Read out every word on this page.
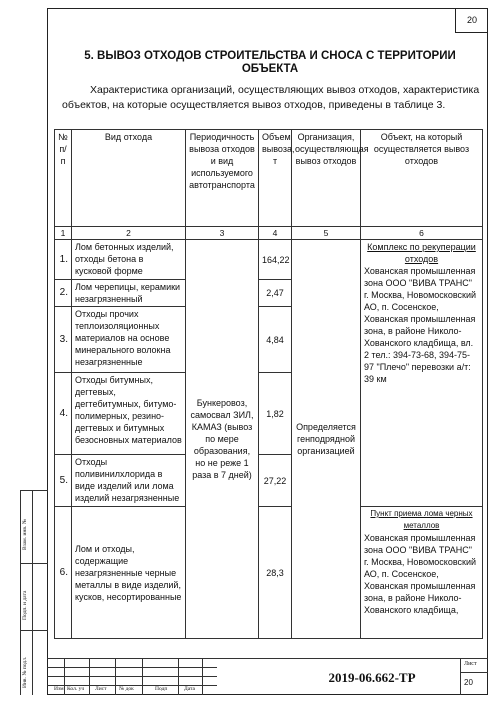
20
5. ВЫВОЗ ОТХОДОВ СТРОИТЕЛЬСТВА И СНОСА С ТЕРРИТОРИИ
ОБЪЕКТА

Характеристика организаций, осуществляющих вывоз отходов, характеристика объектов, на которые осуществляется вывоз отходов, приведены в таблице 3.

№ п/п	Вид отхода	Периодичность вывоза отходов и вид используемого автотранспорта	Объем вывоза, т	Организация, осуществляющая вывоз отходов	Объект, на который осуществляется вывоз отходов
1	2	3	4	5	6
1.	Лом бетонных изделий, отходы бетона в кусковой форме	Бункеровоз, самосвал ЗИЛ, КАМАЗ (вывоз по мере образования, но не реже 1 раза в 7 дней)	164,22	Определяется генподрядной организацией	Комплекс по рекуперации отходов
Хованская промышленная зона ООО "ВИВА ТРАНС" г. Москва, Новомосковский АО, п. Сосенское, Хованская промышленная зона, в районе Николо-Хованского кладбища, вл. 2 тел.: 394-73-68, 394-75-97 "Плечо" перевозки а/т: 39 км

2.	Лом черепицы, керамики незагрязненный		2,47		
3.	Отходы прочих теплоизоляционных материалов на основе минерального волокна незагрязненные		4,84		
4.	Отходы битумных, дегтевых, дегтебитумных, битумо-полимерных, резино-дегтевых и битумных безосновных материалов		1,82		
5.	Отходы поливинилхлорида в виде изделий или лома изделий незагрязненные		27,22		
6.	Лом и отходы, содержащие незагрязненные черные металлы в виде изделий, кусков, несортированные		28,3		Пункт приема лома черных металлов
Хованская промышленная зона ООО "ВИВА ТРАНС" г. Москва, Новомосковский АО, п. Сосенское, Хованская промышленная зона, в районе Николо-Хованского кладбища,
Взам. инв. №
Подп. и дата
Инв. № подл.
Изм Кол. уч Лист № док	Подп	Дата
2019-06.662-ТР
Лист
20
